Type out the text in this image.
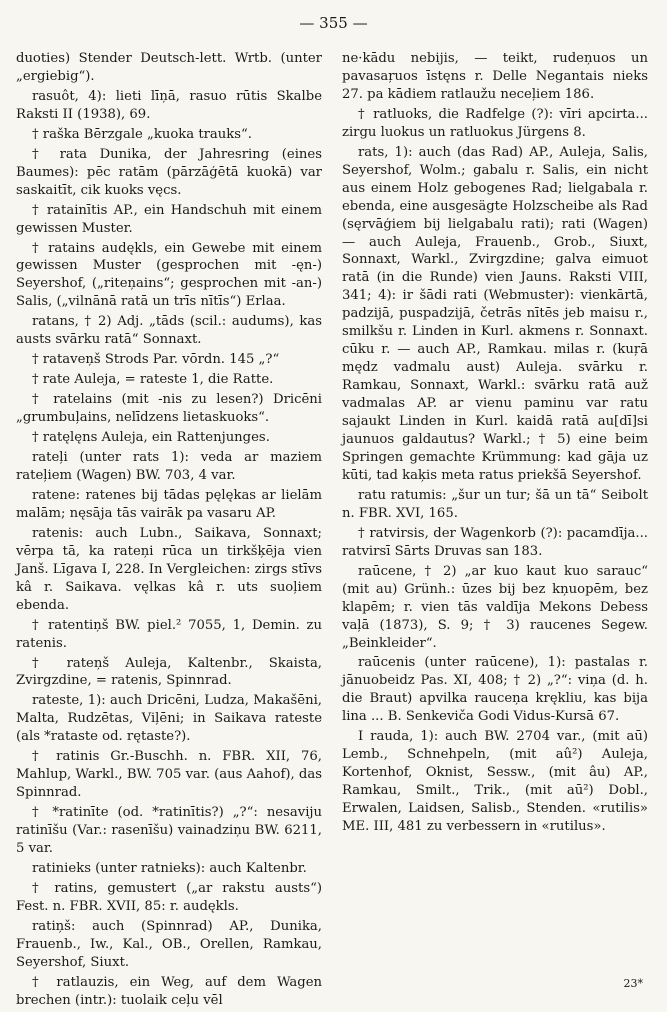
— 355 —

duoties) Stender Deutsch-lett. Wrtb. (unter „ergiebig“).

rasuôt, 4): lieti līņā, rasuo rūtis Skalbe Raksti II (1938), 69.

† raška Bērzgale „kuoka trauks“.

† rata Dunika, der Jahresring (eines Baumes): pēc ratām (pārzāģētā kuokā) var saskaitīt, cik kuoks vęcs.

† ratainītis AP., ein Handschuh mit einem gewissen Muster.

† ratains audękls, ein Gewebe mit einem gewissen Muster (gesprochen mit -ęn-) Seyershof, („riteņains“; gesprochen mit -an-) Salis, („vilnānā ratā un trīs nītīs“) Erlaa.

ratans, † 2) Adj. „tāds (scil.: audums), kas austs svārku ratā“ Sonnaxt.

† rataveņš Strods Par. vōrdn. 145 „?“

† rate Auleja, = rateste 1, die Ratte.

† ratelains (mit -nis zu lesen?) Dricēni „grumbuļains, nelīdzens lietaskuoks“.

† ratęlęns Auleja, ein Rattenjunges.

rateļi (unter rats 1): veda ar maziem rateļiem (Wagen) BW. 703, 4 var.

ratene: ratenes bij tādas pęlękas ar lielām malām; nęsāja tās vairāk pa vasaru AP.

ratenis: auch Lubn., Saikava, Sonnaxt; vērpa tā, ka rateņi rūca un tirkšķēja vien Janš. Līgava I, 228. In Vergleichen: zirgs stīvs kâ r. Saikava. vęlkas kâ r. uts suoļiem ebenda.

† ratentiņš BW. piel.² 7055, 1, Demin. zu ratenis.

† rateņš Auleja, Kaltenbr., Skaista, Zvirgzdine, = ratenis, Spinnrad.

rateste, 1): auch Dricēni, Ludza, Makašēni, Malta, Rudzētas, Viļēni; in Saikava rateste (als *rataste od. rętaste?).

† ratinis Gr.-Buschh. n. FBR. XII, 76, Mahlup, Warkl., BW. 705 var. (aus Aahof), das Spinnrad.

† *ratinīte (od. *ratinītis?) „?“: nesaviju ratinīšu (Var.: rasenīšu) vainadziņu BW. 6211, 5 var.

ratinieks (unter ratnieks): auch Kaltenbr.

† ratins, gemustert („ar rakstu austs“) Fest. n. FBR. XVII, 85: r. audękls.

ratiņš: auch (Spinnrad) AP., Dunika, Frauenb., Iw., Kal., OB., Orellen, Ramkau, Seyershof, Siuxt.

† ratlauzis, ein Weg, auf dem Wagen brechen (intr.): tuolaik ceļu vēl

ne·kādu nebijis, — teikt, rudeņuos un pavasaŗuos īstęns r. Delle Negantais nieks 27. pa kādiem ratlaužu neceļiem 186.

† ratluoks, die Radfelge (?): vīri apcirta... zirgu luokus un ratluokus Jürgens 8.

rats, 1): auch (das Rad) AP., Auleja, Salis, Seyershof, Wolm.; gabalu r. Salis, ein nicht aus einem Holz gebogenes Rad; lielgabala r. ebenda, eine ausgesägte Holzscheibe als Rad (sęrvāģiem bij lielgabalu rati); rati (Wagen) — auch Auleja, Frauenb., Grob., Siuxt, Sonnaxt, Warkl., Zvirgzdine; galva eimuot ratā (in die Runde) vien Jauns. Raksti VIII, 341; 4): ir šādi rati (Webmuster): vienkārtā, padzijā, puspadzijā, četrās nītēs jeb maisu r., smilkšu r. Linden in Kurl. akmens r. Sonnaxt. cūku r. — auch AP., Ramkau. milas r. (kuŗā mędz vadmalu aust) Auleja. svārku r. Ramkau, Sonnaxt, Warkl.: svārku ratā auž vadmalas AP. ar vienu paminu var ratu sajaukt Linden in Kurl. kaidā ratā au[dī]si jaunuos galdautus? Warkl.; † 5) eine beim Springen gemachte Krümmung: kad gāja uz kūti, tad kaķis meta ratus priekšā Seyershof.

ratu ratumis: „šur un tur; šā un tā“ Seibolt n. FBR. XVI, 165.

† ratvirsis, der Wagenkorb (?): pacamdīja... ratvirsī Sārts Druvas san 183.

raūcene, † 2) „ar kuo kaut kuo sarauc“ (mit au) Grünh.: ūzes bij bez kņuopēm, bez klapēm; r. vien tās valdīja Mekons Debess vaļā (1873), S. 9; † 3) raucenes Segew. „Beinkleider“.

raūcenis (unter raūcene), 1): pastalas r. jānuobeidz Pas. XI, 408; † 2) „?“: viņa (d. h. die Braut) apvilka rauceņa krękliu, kas bija lina ... B. Senkeviča Godi Vidus-Kursā 67.

I rauda, 1): auch BW. 2704 var., (mit aū) Lemb., Schnehpeln, (mit aû²) Auleja, Kortenhof, Oknist, Sessw., (mit âu) AP., Ramkau, Smilt., Trik., (mit aū²) Dobl., Erwalen, Laidsen, Salisb., Stenden. «rutilis» ME. III, 481 zu verbessern in «rutilus».

23*
